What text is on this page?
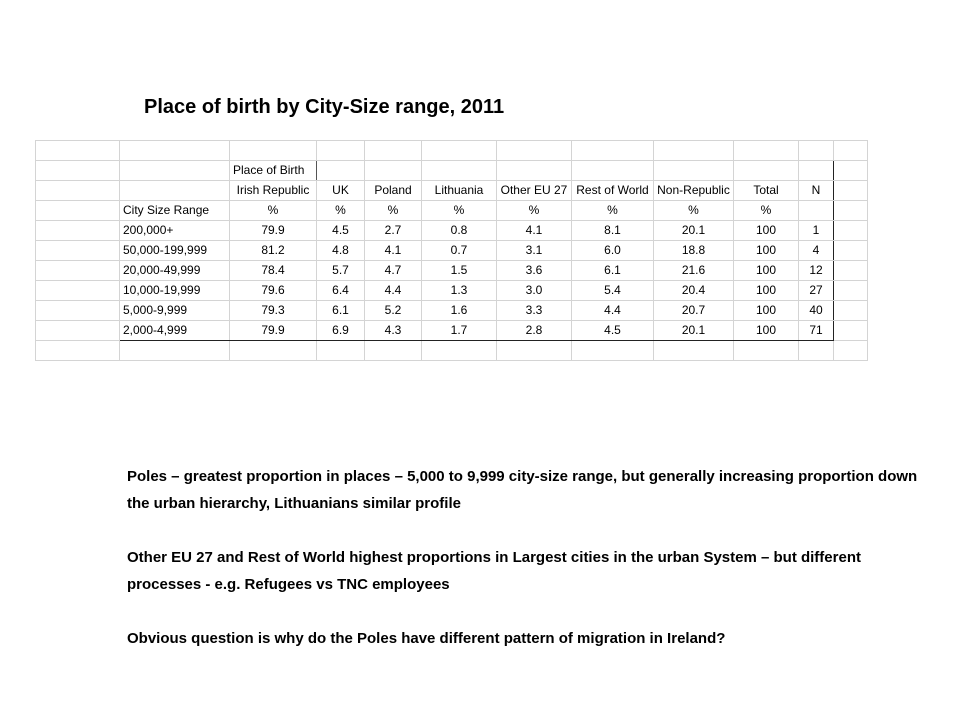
Place of birth by City-Size range, 2011

		Place of Birth									
		Irish Republic	UK	Poland	Lithuania	Other EU 27	Rest of World	Non-Republic	Total	N	
	City Size Range	%	%	%	%	%	%	%	%		
	200,000+	79.9	4.5	2.7	0.8	4.1	8.1	20.1	100	1	
	50,000-199,999	81.2	4.8	4.1	0.7	3.1	6.0	18.8	100	4	
	20,000-49,999	78.4	5.7	4.7	1.5	3.6	6.1	21.6	100	12	
	10,000-19,999	79.6	6.4	4.4	1.3	3.0	5.4	20.4	100	27	
	5,000-9,999	79.3	6.1	5.2	1.6	3.3	4.4	20.7	100	40	
	2,000-4,999	79.9	6.9	4.3	1.7	2.8	4.5	20.1	100	71	

Poles – greatest proportion in places – 5,000 to 9,999 city-size range, but generally increasing proportion down the urban hierarchy, Lithuanians similar profile

Other EU 27 and Rest of World highest proportions in Largest cities in the urban System – but different processes - e.g. Refugees vs TNC employees

Obvious question is why do the Poles have different pattern of migration in Ireland?
